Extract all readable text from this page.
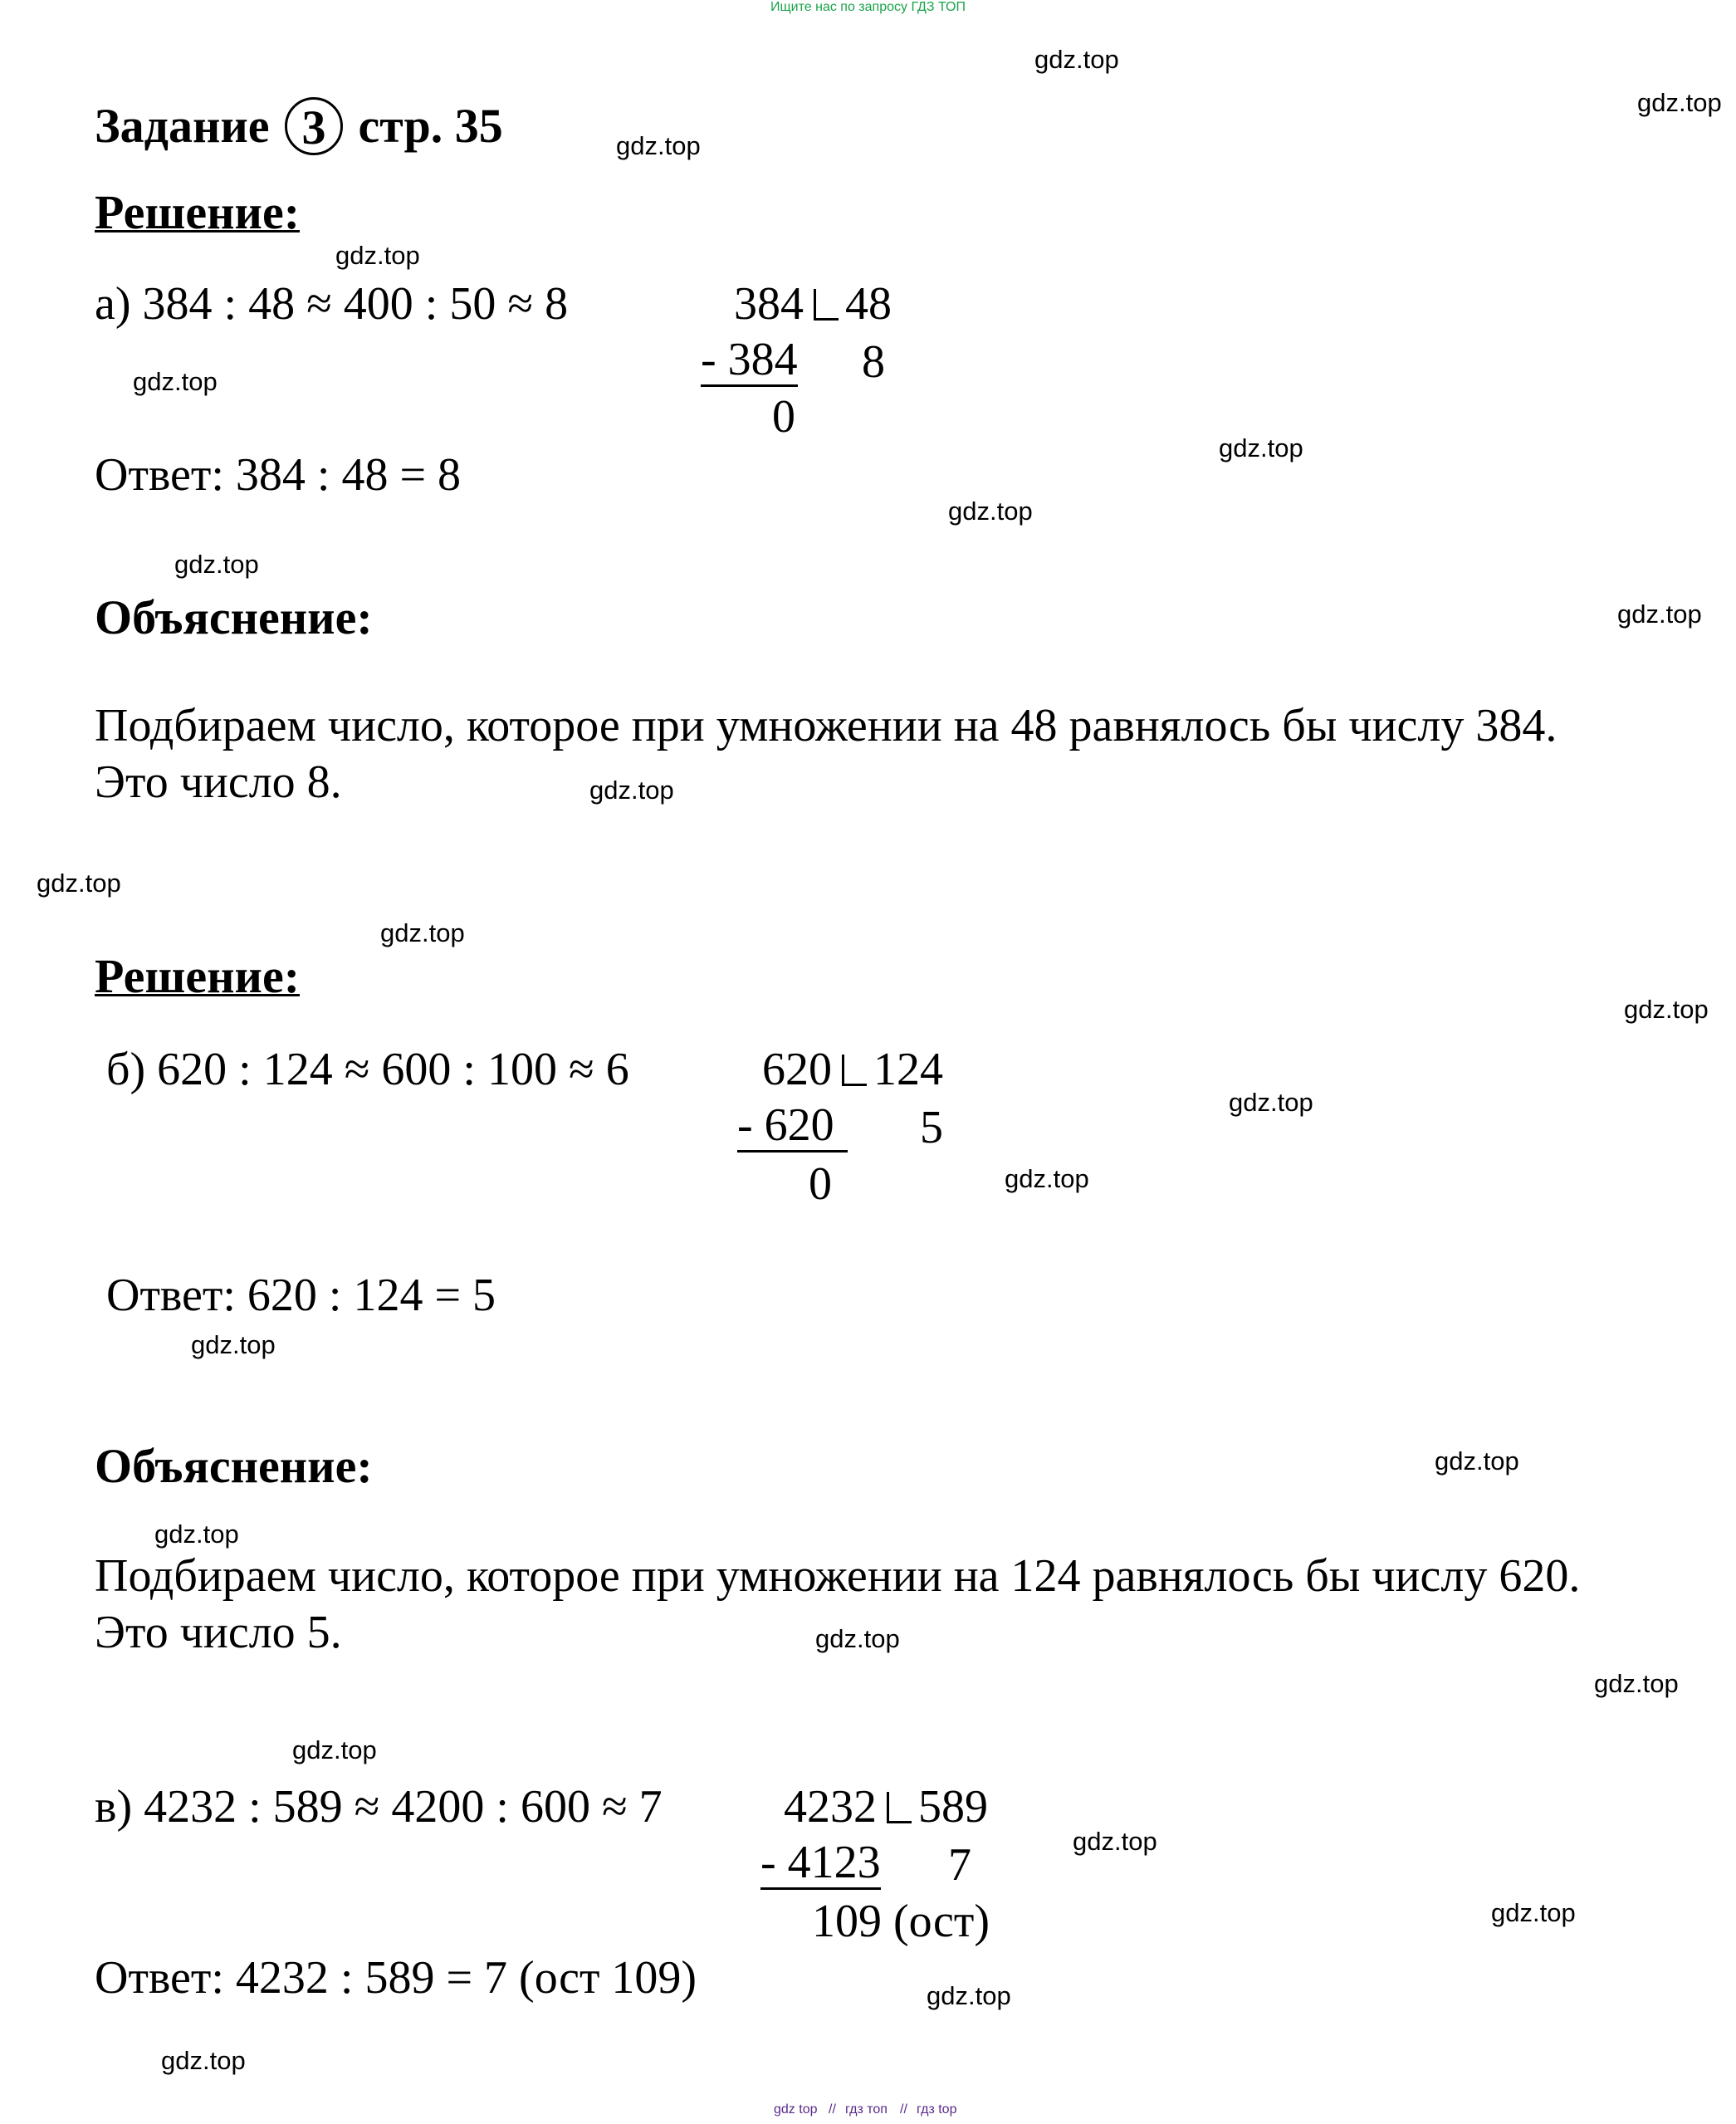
Ищите нас по запросу ГДЗ ТОП
Задание 3 стр. 35
Решение:
а) 384 : 48 ≈ 400 : 50 ≈ 8	384 48
- 384 8
0
Ответ: 384 : 48 = 8
Объяснение:
Подбираем число, которое при умножении на 48 равнялось бы числу 384.
Это число 8.
Решение:
б) 620 : 124 ≈ 600 : 100 ≈ 6	620 124
- 620 5
0
Ответ: 620 : 124 = 5
Объяснение:
Подбираем число, которое при умножении на 124 равнялось бы числу 620.
Это число 5.
в) 4232 : 589 ≈ 4200 : 600 ≈ 7	4232 589
- 4123 7
109 (ост)
Ответ: 4232 : 589 = 7 (ост 109)
gdz.top
gdz.top
gdz.top
gdz.top
gdz.top
gdz.top
gdz.top
gdz.top
gdz.top
gdz.top
gdz.top
gdz.top
gdz.top
gdz.top
gdz.top
gdz.top
gdz.top
gdz.top
gdz.top
gdz.top
gdz.top
gdz.top
gdz.top
gdz.top
gdz.top
gdz top // гдз топ // гдз top
